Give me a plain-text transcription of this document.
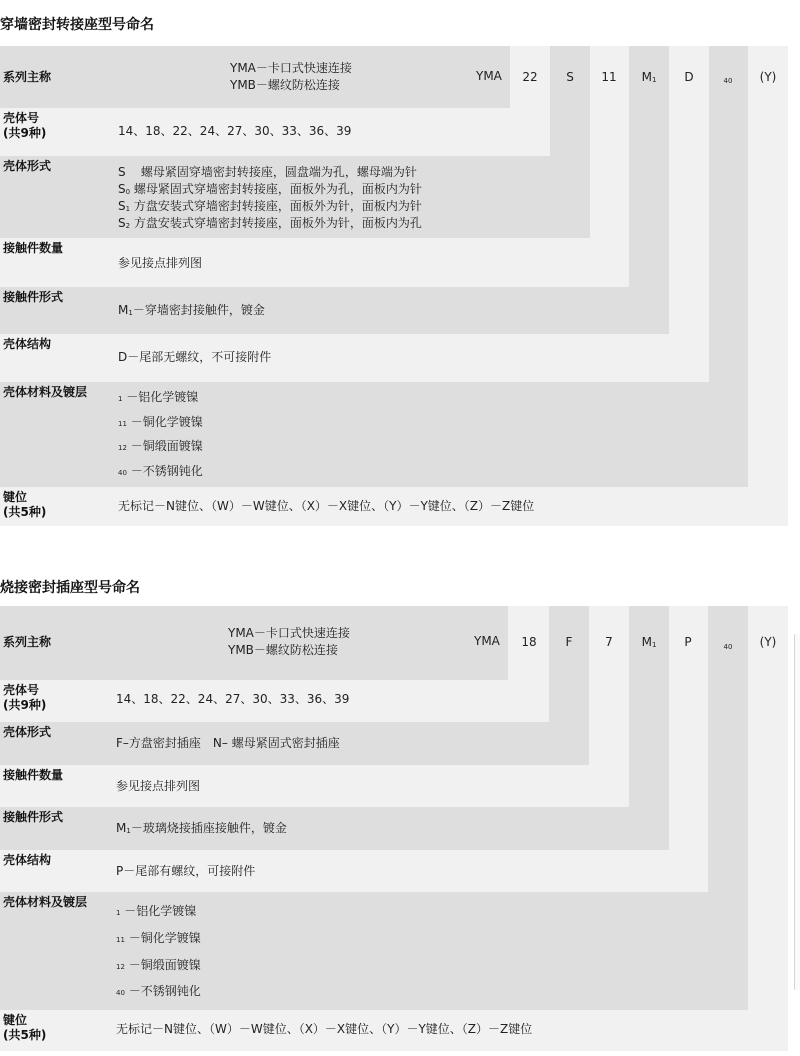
穿墙密封转接座型号命名
系列主称
YMA－卡口式快速连接
YMB－螺纹防松连接
YMA	22	S	11	M1	D	40	(Y)
壳体号
(共9种)	14、18、22、24、27、30、33、36、39
壳体形式	S 螺母紧固穿墙密封转接座，圆盘端为孔，螺母端为针
S0 螺母紧固式穿墙密封转接座，面板外为孔，面板内为针
S1 方盘安装式穿墙密封转接座，面板外为针，面板内为针
S2 方盘安装式穿墙密封转接座，面板外为针，面板内为孔
接触件数量
参见接点排列图
接触件形式
M1－穿墙密封接触件，镀金
壳体结构
D－尾部无螺纹，不可接附件
壳体材料及镀层	1 －铝化学镀镍
11 －铜化学镀镍
12 －铜缎面镀镍
40 －不锈钢钝化
键位
(共5种)	无标记－N键位、（W）－W键位、（X）－X键位、（Y）－Y键位、（Z）－Z键位
烧接密封插座型号命名
系列主称
YMA－卡口式快速连接
YMB－螺纹防松连接
YMA	18	F	7	M1	P	40	(Y)
壳体号
(共9种)	14、18、22、24、27、30、33、36、39
壳体形式
F–方盘密封插座　N– 螺母紧固式密封插座
接触件数量
参见接点排列图
接触件形式
M1－玻璃烧接插座接触件，镀金
壳体结构
P－尾部有螺纹，可接附件
壳体材料及镀层
1 －铝化学镀镍
11 －铜化学镀镍
12 －铜缎面镀镍
40 －不锈钢钝化
键位
(共5种)	无标记－N键位、（W）－W键位、（X）－X键位、（Y）－Y键位、（Z）－Z键位
